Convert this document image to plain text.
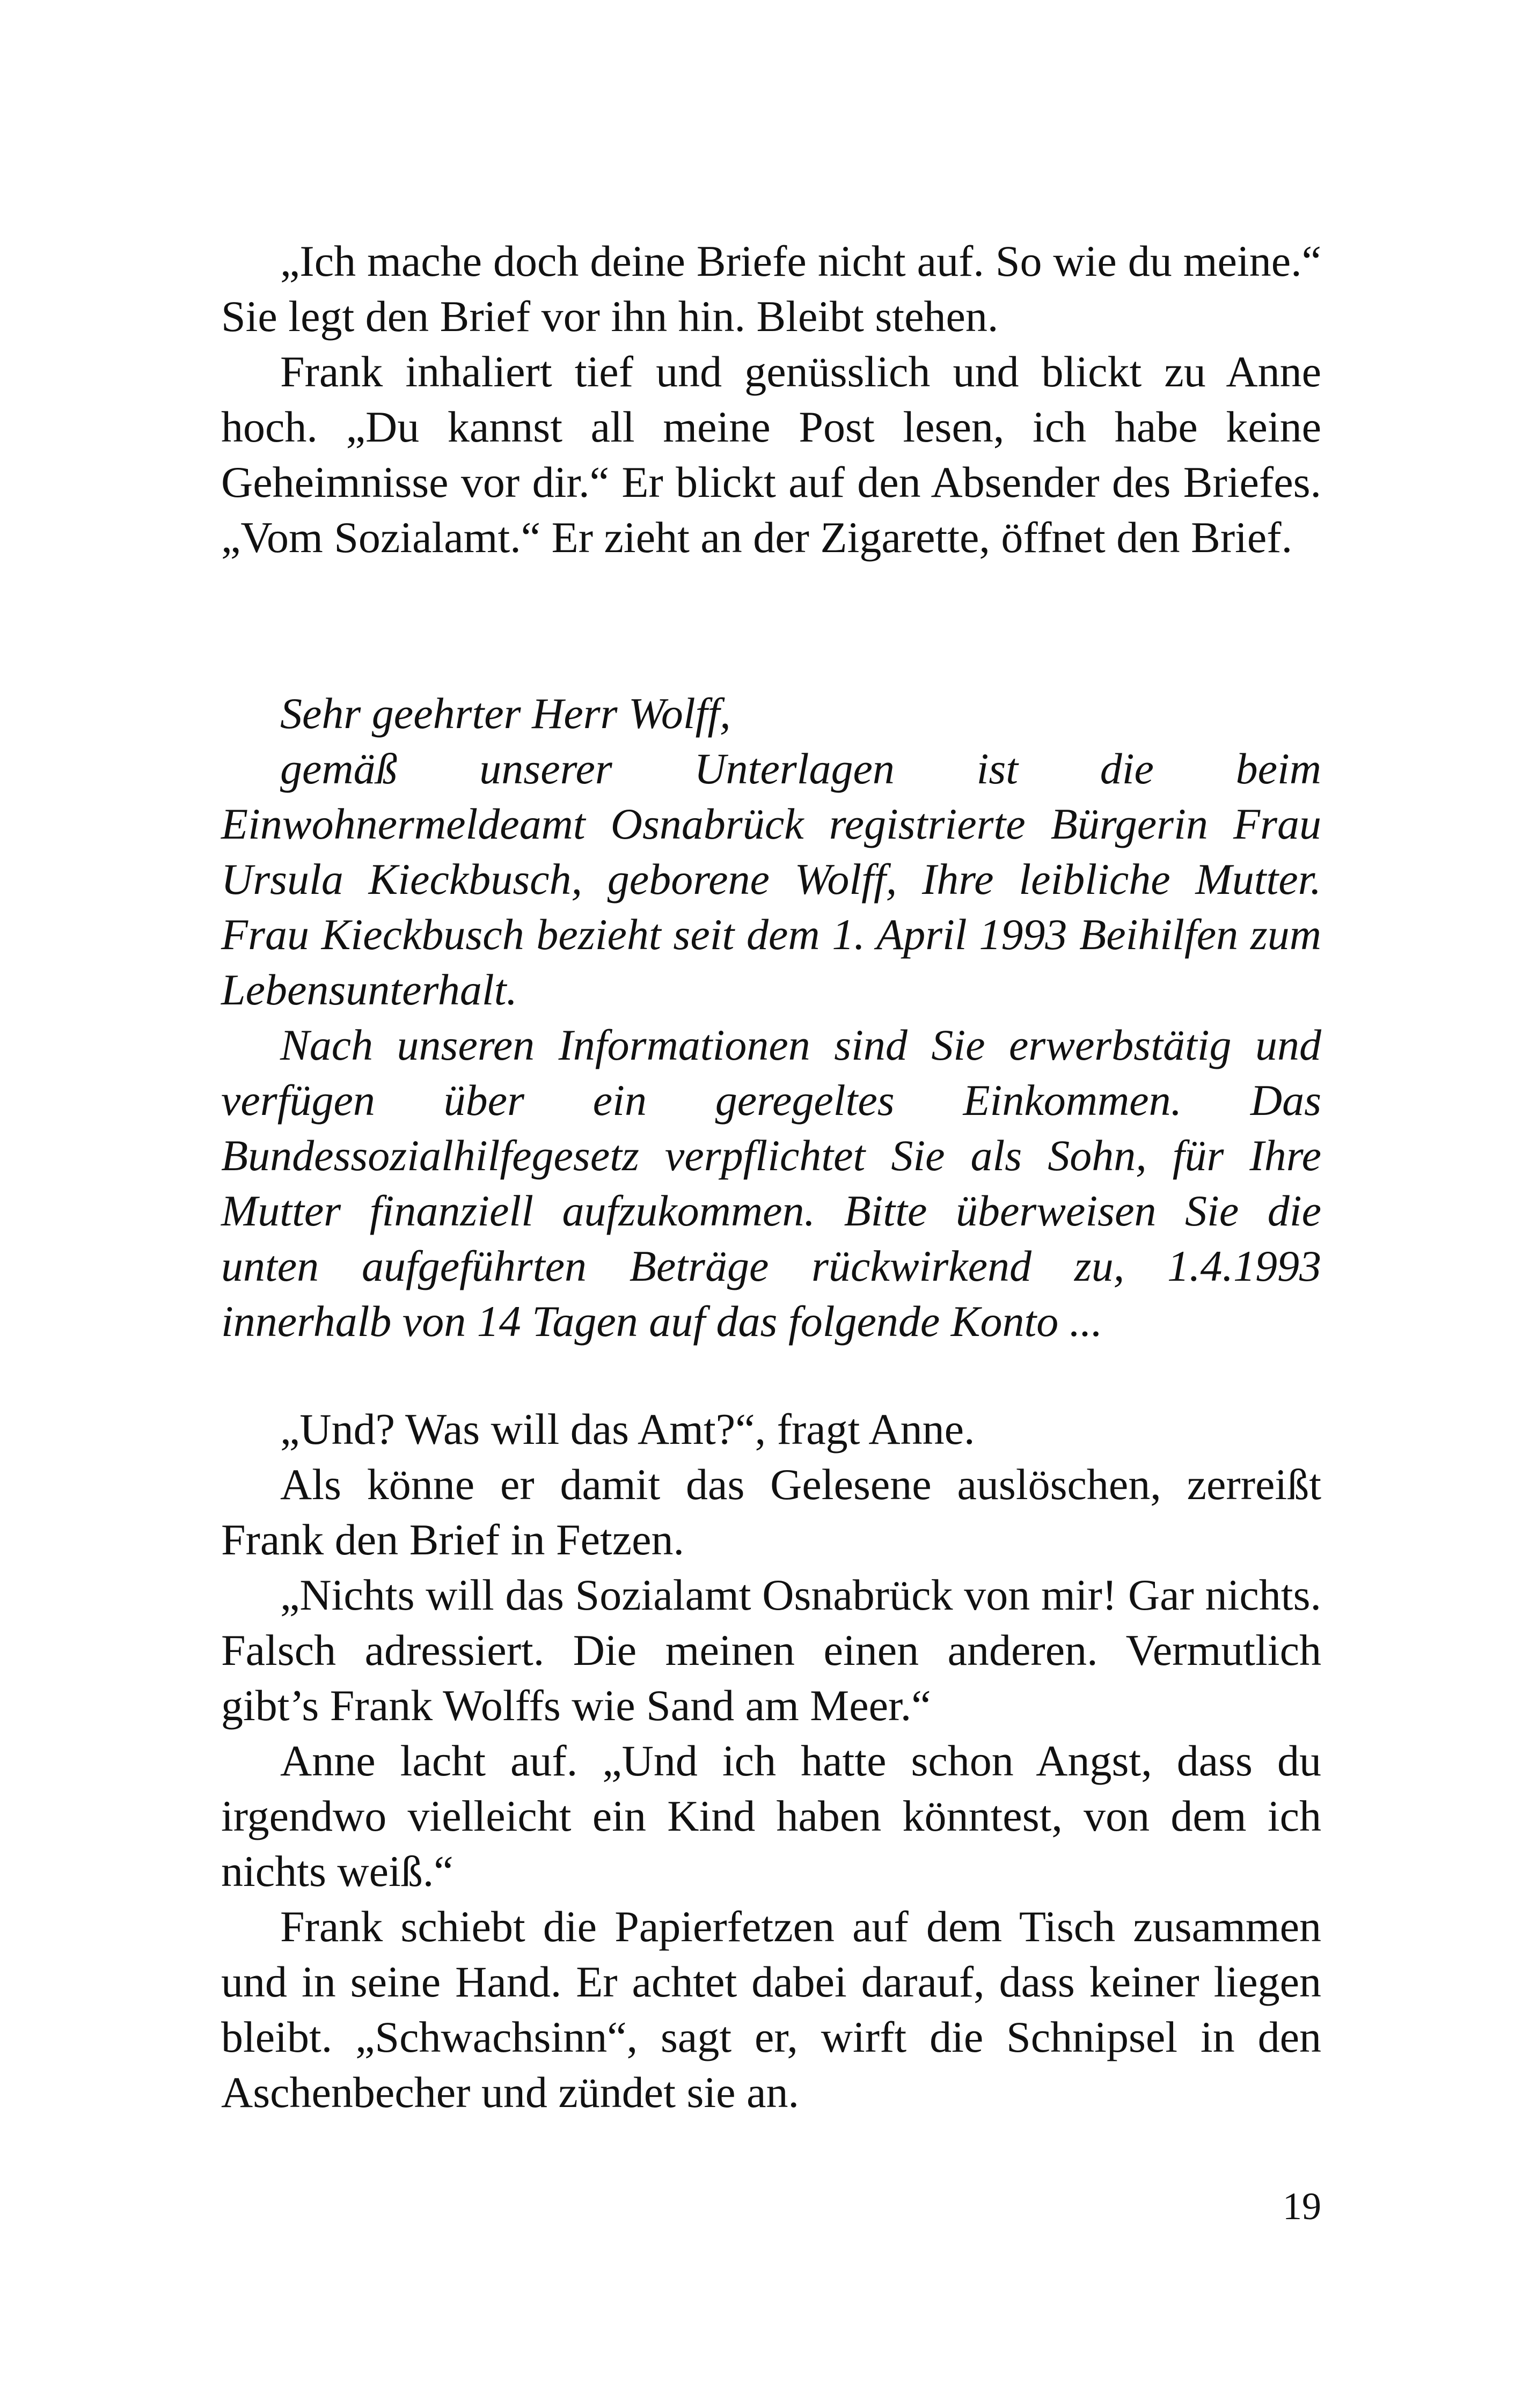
„Ich mache doch deine Briefe nicht auf. So wie du meine.“ Sie legt den Brief vor ihn hin. Bleibt stehen.

Frank inhaliert tief und genüsslich und blickt zu Anne hoch. „Du kannst all meine Post lesen, ich habe keine Geheimnisse vor dir.“ Er blickt auf den Absender des Briefes. „Vom Sozialamt.“ Er zieht an der Zigarette, öffnet den Brief.

Sehr geehrter Herr Wolff,

gemäß unserer Unterlagen ist die beim Einwohnermeldeamt Osnabrück registrierte Bürgerin Frau Ursula Kieckbusch, geborene Wolff, Ihre leibliche Mutter. Frau Kieckbusch bezieht seit dem 1. April 1993 Beihilfen zum Lebensunterhalt.

Nach unseren Informationen sind Sie erwerbstätig und verfügen über ein geregeltes Einkommen. Das Bundessozialhilfegesetz verpflichtet Sie als Sohn, für Ihre Mutter finanziell aufzukommen. Bitte überweisen Sie die unten aufgeführten Beträge rückwirkend zu, 1.4.1993 innerhalb von 14 Tagen auf das folgende Konto ...

„Und? Was will das Amt?“, fragt Anne.

Als könne er damit das Gelesene auslöschen, zerreißt Frank den Brief in Fetzen.

„Nichts will das Sozialamt Osnabrück von mir! Gar nichts. Falsch adressiert. Die meinen einen anderen. Vermutlich gibt’s Frank Wolffs wie Sand am Meer.“

Anne lacht auf. „Und ich hatte schon Angst, dass du irgendwo vielleicht ein Kind haben könntest, von dem ich nichts weiß.“

Frank schiebt die Papierfetzen auf dem Tisch zusammen und in seine Hand. Er achtet dabei darauf, dass keiner liegen bleibt. „Schwachsinn“, sagt er, wirft die Schnipsel in den Aschenbecher und zündet sie an.

19
